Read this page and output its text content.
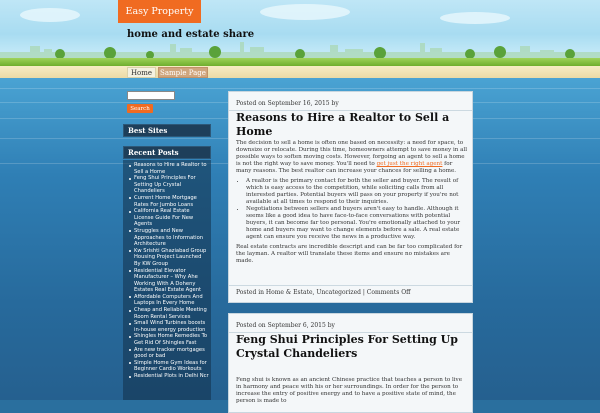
Easy Property
home and estate share
Home	Sample Page
Search
Best Sites
Recent Posts
Reasons to Hire a Realtor to Sell a Home
Feng Shui Principles For Setting Up Crystal Chandeliers
Current Home Mortgage Rates For Jumbo Loans
California Real Estate License Guide For New Agents
Struggles and New Approaches to Information Architecture
Kw Srishti Ghaziabad Group Housing Project Launched By KW Group
Residential Elevator Manufacturer – Why Ahe Working With A Doheny Estates Real Estate Agent
Affordable Computers And Laptops In Every Home
Cheap and Reliable Meeting Room Rental Services
Small Wind Turbines boosts in-house energy production
Shingles Home Remedies To Get Rid Of Shingles Fast
Are new tracker mortgages good or bad
Simple Home Gym Ideas for Beginner Cardio Workouts
Residential Plots in Delhi Ncr
Posted on September 16, 2015 by
Reasons to Hire a Realtor to Sell a Home

The decision to sell a home is often one based on necessity: a need for space, to downsize or relocate. During this time, homeowners attempt to save money in all possible ways to soften moving costs. However, forgoing an agent to sell a home is not the right way to save money. You'll need to get just the right agent for many reasons. The best realtor can increase your chances for selling a home.

• A realtor is the primary contact for both the seller and buyer. The result of which is easy access to the competition, while soliciting calls from all interested parties. Potential buyers will pass on your property if you're not available at all times to respond to their inquiries.
• Negotiations between sellers and buyers aren't easy to handle. Although it seems like a good idea to have face-to-face conversations with potential buyers, it can become far too personal. You're emotionally attached to your home and buyers may want to change elements before a sale. A real estate agent can ensure you receive the news in a productive way.

Real estate contracts are incredible descript and can be far too complicated for the layman. A realtor will translate these items and ensure no mistakes are made.

Posted in Home & Estate, Uncategorized | Comments Off
Posted on September 6, 2015 by
Feng Shui Principles For Setting Up Crystal Chandeliers
Feng shui is known as an ancient Chinese practice that teaches a person to live in harmony and peace with his or her surroundings. In order for the person to increase the entry of positive energy and to have a positive state of mind, the person is made to
